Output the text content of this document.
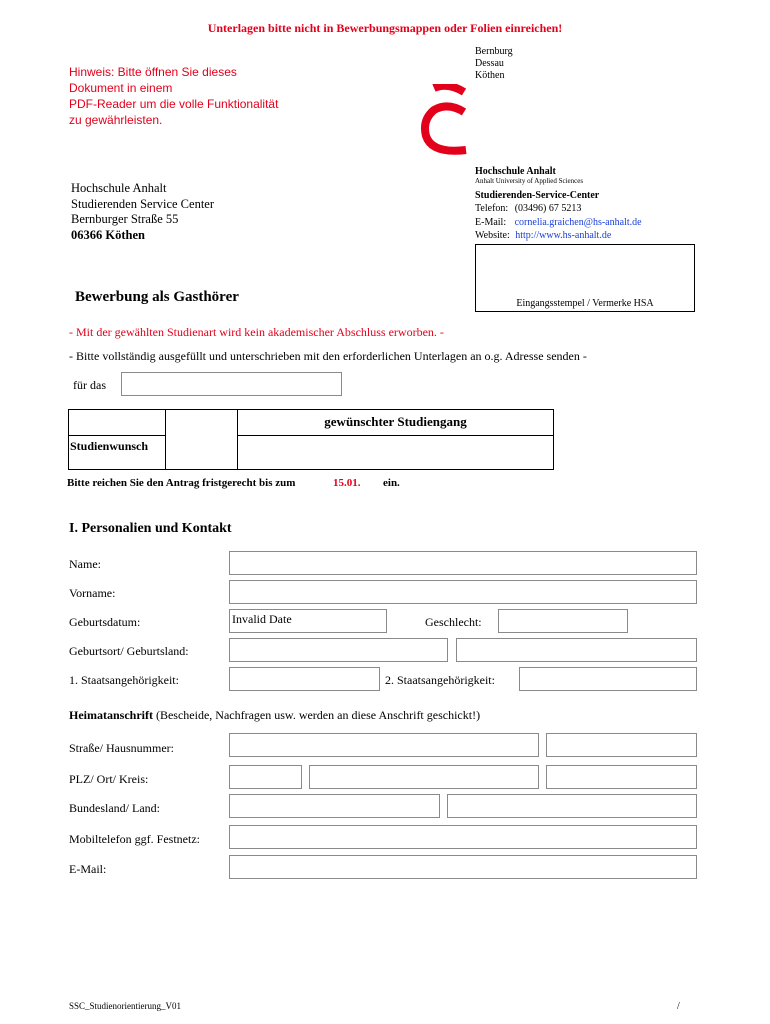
Unterlagen bitte nicht in Bewerbungsmappen oder Folien einreichen!
Hinweis: Bitte öffnen Sie dieses
Dokument in einem
PDF-Reader um die volle Funktionalität
zu gewährleisten.
Bernburg
Dessau
Köthen
Hochschule Anhalt
Anhalt University of Applied Sciences
Studierenden-Service-Center
Telefon: (03496) 67 5213
E-Mail: cornelia.graichen@hs-anhalt.de
Website: http://www.hs-anhalt.de
Hochschule Anhalt
Studierenden Service Center
Bernburger Straße 55
06366 Köthen
Eingangsstempel / Vermerke HSA
Bewerbung als Gasthörer
- Mit der gewählten Studienart wird kein akademischer Abschluss erworben. -
- Bitte vollständig ausgefüllt und unterschrieben mit den erforderlichen Unterlagen an o.g. Adresse senden -
für das
gewünschter Studiengang
Studienwunsch
Bitte reichen Sie den Antrag fristgerecht bis zum	15.01. ein.
I. Personalien und Kontakt
Name:
Vorname:
Geburtsdatum:	Invalid Date	Geschlecht:
Geburtsort/ Geburtsland:
1. Staatsangehörigkeit:	2. Staatsangehörigkeit:
Heimatanschrift (Bescheide, Nachfragen usw. werden an diese Anschrift geschickt!)
Straße/ Hausnummer:
PLZ/ Ort/ Kreis:
Bundesland/ Land:
Mobiltelefon ggf. Festnetz:
E-Mail:
SSC_Studienorientierung_V01	/
